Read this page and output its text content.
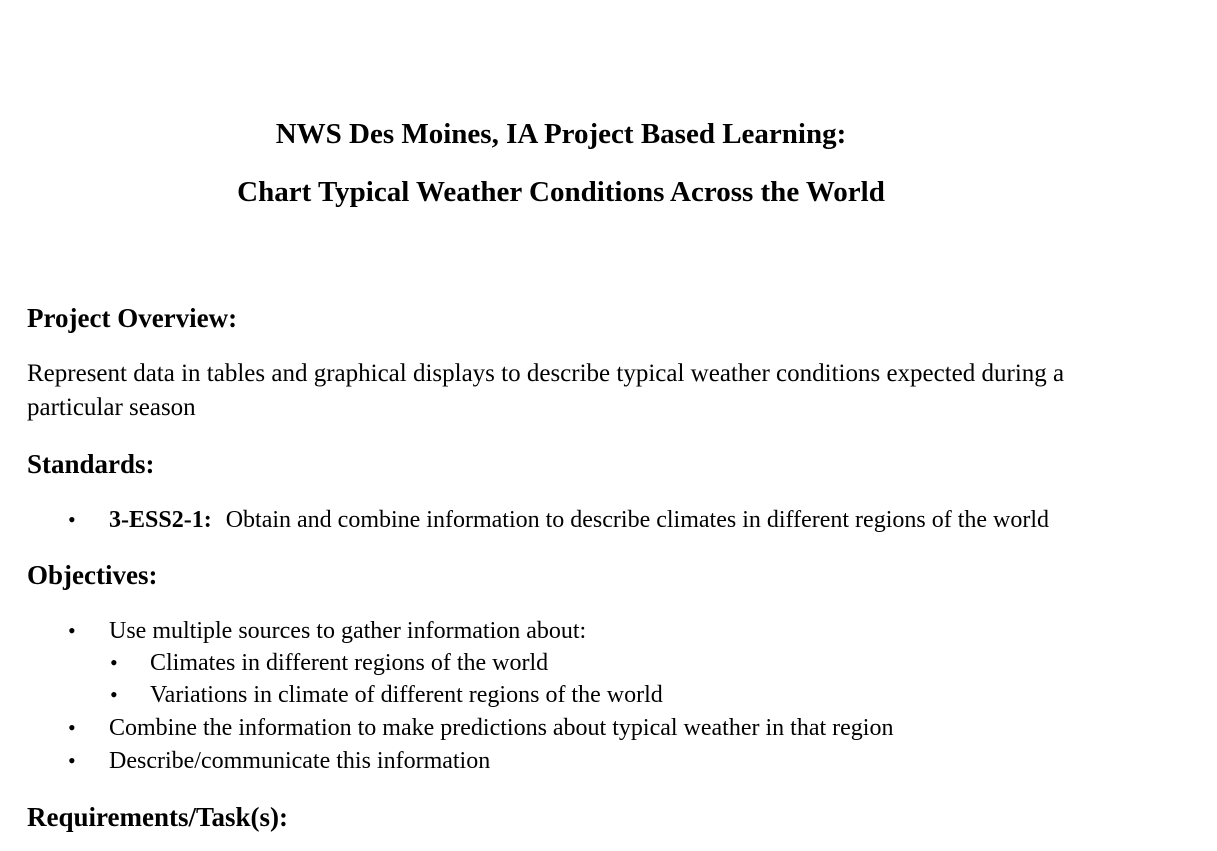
NWS Des Moines, IA Project Based Learning:
Chart Typical Weather Conditions Across the World
Project Overview:
Represent data in tables and graphical displays to describe typical weather conditions expected during a particular season
Standards:
• 3-ESS2-1: Obtain and combine information to describe climates in different regions of the world
Objectives:
• Use multiple sources to gather information about:
• Climates in different regions of the world
• Variations in climate of different regions of the world
• Combine the information to make predictions about typical weather in that region
• Describe/communicate this information
Requirements/Task(s):
